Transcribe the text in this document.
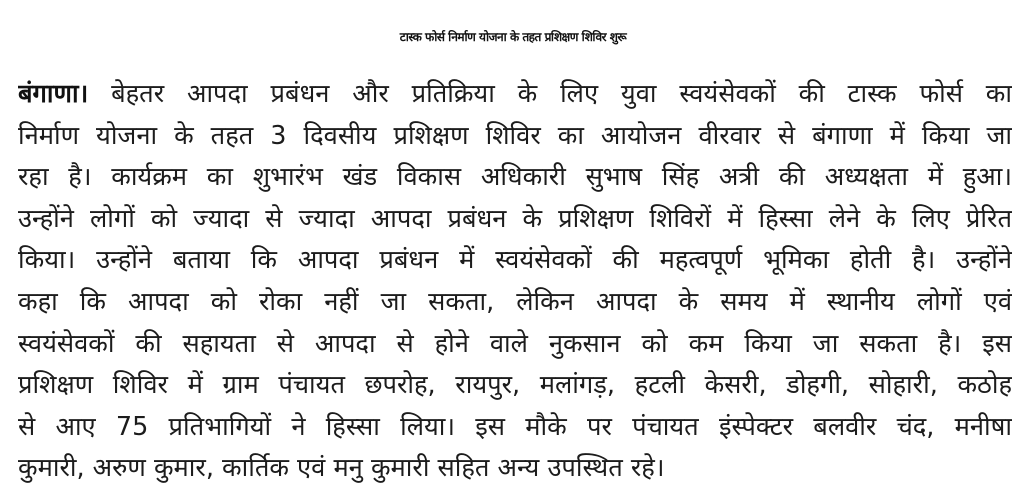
टास्क फोर्स निर्माण योजना के तहत प्रशिक्षण शिविर शुरू
बंगाणा। बेहतर आपदा प्रबंधन और प्रतिक्रिया के लिए युवा स्वयंसेवकों की टास्क फोर्स का
निर्माण योजना के तहत 3 दिवसीय प्रशिक्षण शिविर का आयोजन वीरवार से बंगाणा में किया जा
रहा है। कार्यक्रम का शुभारंभ खंड विकास अधिकारी सुभाष सिंह अत्री की अध्यक्षता में हुआ।
उन्होंने लोगों को ज्यादा से ज्यादा आपदा प्रबंधन के प्रशिक्षण शिविरों में हिस्सा लेने के लिए प्रेरित
किया। उन्होंने बताया कि आपदा प्रबंधन में स्वयंसेवकों की महत्वपूर्ण भूमिका होती है। उन्होंने
कहा कि आपदा को रोका नहीं जा सकता, लेकिन आपदा के समय में स्थानीय लोगों एवं
स्वयंसेवकों की सहायता से आपदा से होने वाले नुकसान को कम किया जा सकता है। इस
प्रशिक्षण शिविर में ग्राम पंचायत छपरोह, रायपुर, मलांगड़, हटली केसरी, डोहगी, सोहारी, कठोह
से आए 75 प्रतिभागियों ने हिस्सा लिया। इस मौके पर पंचायत इंस्पेक्टर बलवीर चंद, मनीषा
कुमारी, अरुण कुमार, कार्तिक एवं मनु कुमारी सहित अन्य उपस्थित रहे।
